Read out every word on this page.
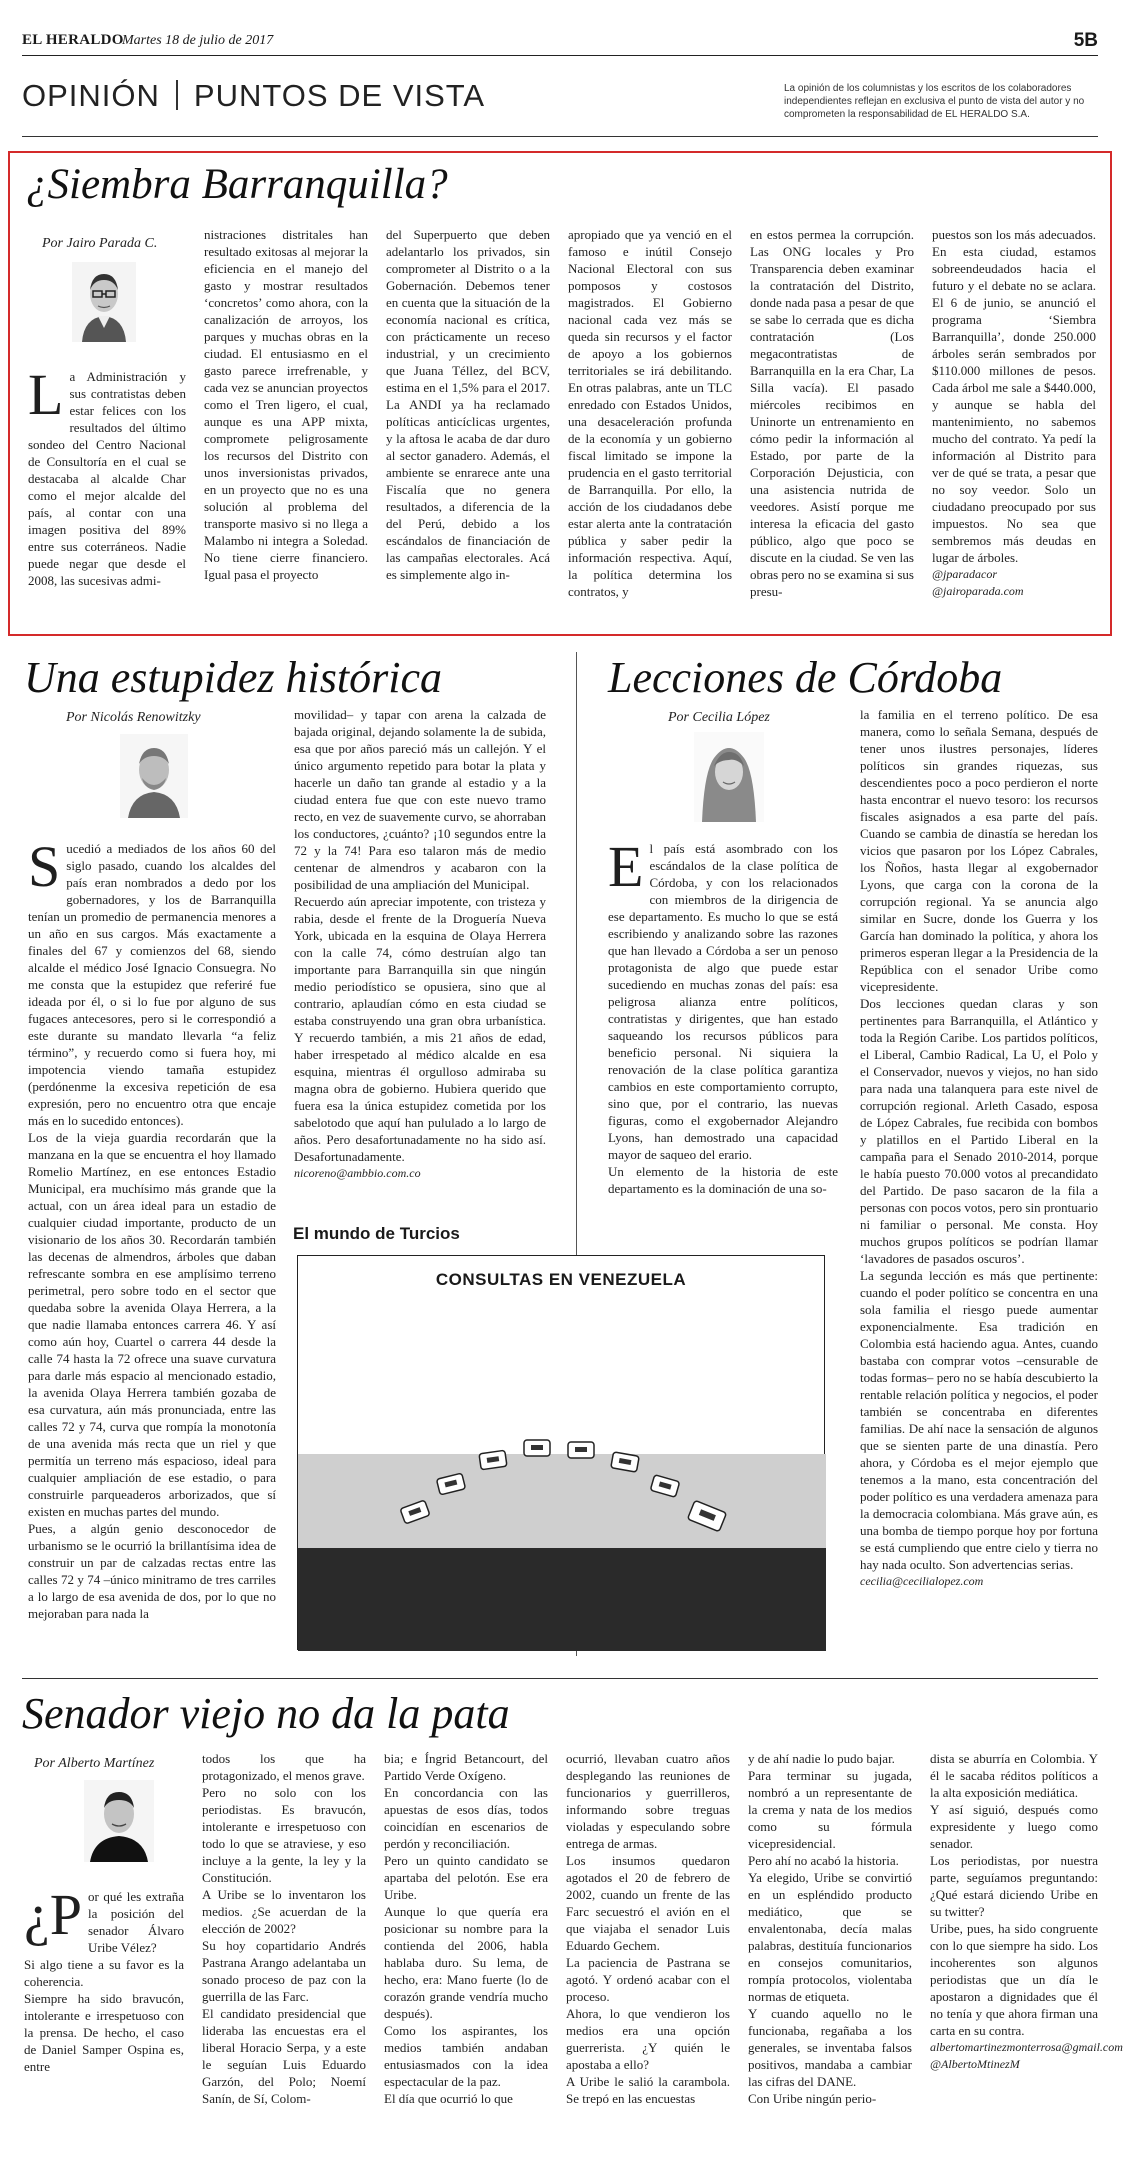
EL HERALDO
Martes 18 de julio de 2017	5B
OPINIÓN PUNTOS DE VISTA	La opinión de los columnistas y los escritos de los colaboradores independientes reflejan en exclusiva el punto de vista del autor y no comprometen la responsabilidad de EL HERALDO S.A.
¿Siembra Barranquilla?
Por Jairo Parada C.

La Administración y sus contratistas deben estar felices con los resultados del último sondeo del Centro Nacional de Consultoría en el cual se destacaba al alcalde Char como el mejor alcalde del país, al contar con una imagen positiva del 89% entre sus coterráneos. Nadie puede negar que desde el 2008, las sucesivas admi-

nistraciones distritales han resultado exitosas al mejorar la eficiencia en el manejo del gasto y mostrar resultados ‘concretos’ como ahora, con la canalización de arroyos, los parques y muchas obras en la ciudad. El entusiasmo en el gasto parece irrefrenable, y cada vez se anuncian proyectos como el Tren ligero, el cual, aunque es una APP mixta, compromete peligrosamente los recursos del Distrito con unos inversionistas privados, en un proyecto que no es una solución al problema del transporte masivo si no llega a Malambo ni integra a Soledad. No tiene cierre financiero. Igual pasa el proyecto

del Superpuerto que deben adelantarlo los privados, sin comprometer al Distrito o a la Gobernación. Debemos tener en cuenta que la situación de la economía nacional es crítica, con prácticamente un receso industrial, y un crecimiento que Juana Téllez, del BCV, estima en el 1,5% para el 2017. La ANDI ya ha reclamado políticas anticíclicas urgentes, y la aftosa le acaba de dar duro al sector ganadero. Además, el ambiente se enrarece ante una Fiscalía que no genera resultados, a diferencia de la del Perú, debido a los escándalos de financiación de las campañas electorales. Acá es simplemente algo in-

apropiado que ya venció en el famoso e inútil Consejo Nacional Electoral con sus pomposos y costosos magistrados. El Gobierno nacional cada vez más se queda sin recursos y el factor de apoyo a los gobiernos territoriales se irá debilitando. En otras palabras, ante un TLC enredado con Estados Unidos, una desaceleración profunda de la economía y un gobierno fiscal limitado se impone la prudencia en el gasto territorial de Barranquilla. Por ello, la acción de los ciudadanos debe estar alerta ante la contratación pública y saber pedir la información respectiva. Aquí, la política determina los contratos, y

en estos permea la corrupción. Las ONG locales y Pro Transparencia deben examinar la contratación del Distrito, donde nada pasa a pesar de que se sabe lo cerrada que es dicha contratación (Los megacontratistas de Barranquilla en la era Char, La Silla vacía). El pasado miércoles recibimos en Uninorte un entrenamiento en cómo pedir la información al Estado, por parte de la Corporación Dejusticia, con una asistencia nutrida de veedores. Asistí porque me interesa la eficacia del gasto público, algo que poco se discute en la ciudad. Se ven las obras pero no se examina si sus presu-

puestos son los más adecuados. En esta ciudad, estamos sobreendeudados hacia el futuro y el debate no se aclara. El 6 de junio, se anunció el programa ‘Siembra Barranquilla’, donde 250.000 árboles serán sembrados por $110.000 millones de pesos. Cada árbol me sale a $440.000, y aunque se habla del mantenimiento, no sabemos mucho del contrato. Ya pedí la información al Distrito para ver de qué se trata, a pesar que no soy veedor. Solo un ciudadano preocupado por sus impuestos. No sea que sembremos más deudas en lugar de árboles.

@jparadacor
@jairoparada.com
Una estupidez histórica
Por Nicolás Renowitzky

Sucedió a mediados de los años 60 del siglo pasado, cuando los alcaldes del país eran nombrados a dedo por los gobernadores, y los de Barranquilla tenían un promedio de permanencia menores a un año en sus cargos. Más exactamente a finales del 67 y comienzos del 68, siendo alcalde el médico José Ignacio Consuegra. No me consta que la estupidez que referiré fue ideada por él, o si lo fue por alguno de sus fugaces antecesores, pero si le correspondió a este durante su mandato llevarla “a feliz término”, y recuerdo como si fuera hoy, mi impotencia viendo tamaña estupidez (perdónenme la excesiva repetición de esa expresión, pero no encuentro otra que encaje más en lo sucedido entonces).
Los de la vieja guardia recordarán que la manzana en la que se encuentra el hoy llamado Romelio Martínez, en ese entonces Estadio Municipal, era muchísimo más grande que la actual, con un área ideal para un estadio de cualquier ciudad importante, producto de un visionario de los años 30. Recordarán también las decenas de almendros, árboles que daban refrescante sombra en ese amplísimo terreno perimetral, pero sobre todo en el sector que quedaba sobre la avenida Olaya Herrera, a la que nadie llamaba entonces carrera 46. Y así como aún hoy, Cuartel o carrera 44 desde la calle 74 hasta la 72 ofrece una suave curvatura para darle más espacio al mencionado estadio, la avenida Olaya Herrera también gozaba de esa curvatura, aún más pronunciada, entre las calles 72 y 74, curva que rompía la monotonía de una avenida más recta que un riel y que permitía un terreno más espacioso, ideal para cualquier ampliación de ese estadio, o para construirle parqueaderos arborizados, que sí existen en muchas partes del mundo.
Pues, a algún genio desconocedor de urbanismo se le ocurrió la brillantísima idea de construir un par de calzadas rectas entre las calles 72 y 74 –único minitramo de tres carriles a lo largo de esa avenida de dos, por lo que no mejoraban para nada la

movilidad– y tapar con arena la calzada de bajada original, dejando solamente la de subida, esa que por años pareció más un callejón. Y el único argumento repetido para botar la plata y hacerle un daño tan grande al estadio y a la ciudad entera fue que con este nuevo tramo recto, en vez de suavemente curvo, se ahorraban los conductores, ¿cuánto? ¡10 segundos entre la 72 y la 74! Para eso talaron más de medio centenar de almendros y acabaron con la posibilidad de una ampliación del Municipal.
Recuerdo aún apreciar impotente, con tristeza y rabia, desde el frente de la Droguería Nueva York, ubicada en la esquina de Olaya Herrera con la calle 74, cómo destruían algo tan importante para Barranquilla sin que ningún medio periodístico se opusiera, sino que al contrario, aplaudían cómo en esta ciudad se estaba construyendo una gran obra urbanística. Y recuerdo también, a mis 21 años de edad, haber irrespetado al médico alcalde en esa esquina, mientras él orgulloso admiraba su magna obra de gobierno. Hubiera querido que fuera esa la única estupidez cometida por los sabelotodo que aquí han pululado a lo largo de años. Pero desafortunadamente no ha sido así. Desafortunadamente.

nicoreno@ambbio.com.co
Lecciones de Córdoba
Por Cecilia López

El país está asombrado con los escándalos de la clase política de Córdoba, y con los relacionados con miembros de la dirigencia de ese departamento. Es mucho lo que se está escribiendo y analizando sobre las razones que han llevado a Córdoba a ser un penoso protagonista de algo que puede estar sucediendo en muchas zonas del país: esa peligrosa alianza entre políticos, contratistas y dirigentes, que han estado saqueando los recursos públicos para beneficio personal. Ni siquiera la renovación de la clase política garantiza cambios en este comportamiento corrupto, sino que, por el contrario, las nuevas figuras, como el exgobernador Alejandro Lyons, han demostrado una capacidad mayor de saqueo del erario.
Un elemento de la historia de este departamento es la dominación de una so-

la familia en el terreno político. De esa manera, como lo señala Semana, después de tener unos ilustres personajes, líderes políticos sin grandes riquezas, sus descendientes poco a poco perdieron el norte hasta encontrar el nuevo tesoro: los recursos fiscales asignados a esa parte del país. Cuando se cambia de dinastía se heredan los vicios que pasaron por los López Cabrales, los Ñoños, hasta llegar al exgobernador Lyons, que carga con la corona de la corrupción regional. Ya se anuncia algo similar en Sucre, donde los Guerra y los García han dominado la política, y ahora los primeros esperan llegar a la Presidencia de la República con el senador Uribe como vicepresidente.
Dos lecciones quedan claras y son pertinentes para Barranquilla, el Atlántico y toda la Región Caribe. Los partidos políticos, el Liberal, Cambio Radical, La U, el Polo y el Conservador, nuevos y viejos, no han sido para nada una talanquera para este nivel de corrupción regional. Arleth Casado, esposa de López Cabrales, fue recibida con bombos y platillos en el Partido Liberal en la campaña para el Senado 2010-2014, porque le había puesto 70.000 votos al precandidato del Partido. De paso sacaron de la fila a personas con pocos votos, pero sin prontuario ni familiar o personal. Me consta. Hoy muchos grupos políticos se podrían llamar ‘lavadores de pasados oscuros’.
La segunda lección es más que pertinente: cuando el poder político se concentra en una sola familia el riesgo puede aumentar exponencialmente. Esa tradición en Colombia está haciendo agua. Antes, cuando bastaba con comprar votos –censurable de todas formas– pero no se había descubierto la rentable relación política y negocios, el poder también se concentraba en diferentes familias. De ahí nace la sensación de algunos que se sienten parte de una dinastía. Pero ahora, y Córdoba es el mejor ejemplo que tenemos a la mano, esta concentración del poder político es una verdadera amenaza para la democracia colombiana. Más grave aún, es una bomba de tiempo porque hoy por fortuna se está cumpliendo que entre cielo y tierra no hay nada oculto. Son advertencias serias.

cecilia@cecilialopez.com
El mundo de Turcios
CONSULTAS EN VENEZUELA
Senador viejo no da la pata
Por Alberto Martínez

¿P or qué les extraña la posición del senador Álvaro Uribe Vélez?
Si algo tiene a su favor es la coherencia.
Siempre ha sido bravucón, intolerante e irrespetuoso con la prensa. De hecho, el caso de Daniel Samper Ospina es, entre

todos los que ha protagonizado, el menos grave.
Pero no solo con los periodistas. Es bravucón, intolerante e irrespetuoso con todo lo que se atraviese, y eso incluye a la gente, la ley y la Constitución.
A Uribe se lo inventaron los medios. ¿Se acuerdan de la elección de 2002?
Su hoy copartidario Andrés Pastrana Arango adelantaba un sonado proceso de paz con la guerrilla de las Farc.
El candidato presidencial que lideraba las encuestas era el liberal Horacio Serpa, y a este le seguían Luis Eduardo Garzón, del Polo; Noemí Sanín, de Sí, Colom-

bia; e Íngrid Betancourt, del Partido Verde Oxígeno.
En concordancia con las apuestas de esos días, todos coincidían en escenarios de perdón y reconciliación.
Pero un quinto candidato se apartaba del pelotón. Ese era Uribe.
Aunque lo que quería era posicionar su nombre para la contienda del 2006, habla hablaba duro. Su lema, de hecho, era: Mano fuerte (lo de corazón grande vendría mucho después).
Como los aspirantes, los medios también andaban entusiasmados con la idea espectacular de la paz.
El día que ocurrió lo que

ocurrió, llevaban cuatro años desplegando las reuniones de funcionarios y guerrilleros, informando sobre treguas violadas y especulando sobre entrega de armas.
Los insumos quedaron agotados el 20 de febrero de 2002, cuando un frente de las Farc secuestró el avión en el que viajaba el senador Luis Eduardo Gechem.
La paciencia de Pastrana se agotó. Y ordenó acabar con el proceso.
Ahora, lo que vendieron los medios era una opción guerrerista. ¿Y quién le apostaba a ello?
A Uribe le salió la carambola. Se trepó en las encuestas

y de ahí nadie lo pudo bajar.
Para terminar su jugada, nombró a un representante de la crema y nata de los medios como su fórmula vicepresidencial.
Pero ahí no acabó la historia.
Ya elegido, Uribe se convirtió en un espléndido producto mediático, que se envalentonaba, decía malas palabras, destituía funcionarios en consejos comunitarios, rompía protocolos, violentaba normas de etiqueta.
Y cuando aquello no le funcionaba, regañaba a los generales, se inventaba falsos positivos, mandaba a cambiar las cifras del DANE.
Con Uribe ningún perio-

dista se aburría en Colombia. Y él le sacaba réditos políticos a la alta exposición mediática.
Y así siguió, después como expresidente y luego como senador.
Los periodistas, por nuestra parte, seguíamos preguntando: ¿Qué estará diciendo Uribe en su twitter?
Uribe, pues, ha sido congruente con lo que siempre ha sido. Los incoherentes son algunos periodistas que un día le apostaron a dignidades que él no tenía y que ahora firman una carta en su contra.

albertomartinezmonterrosa@gmail.com
@AlbertoMtinezM
